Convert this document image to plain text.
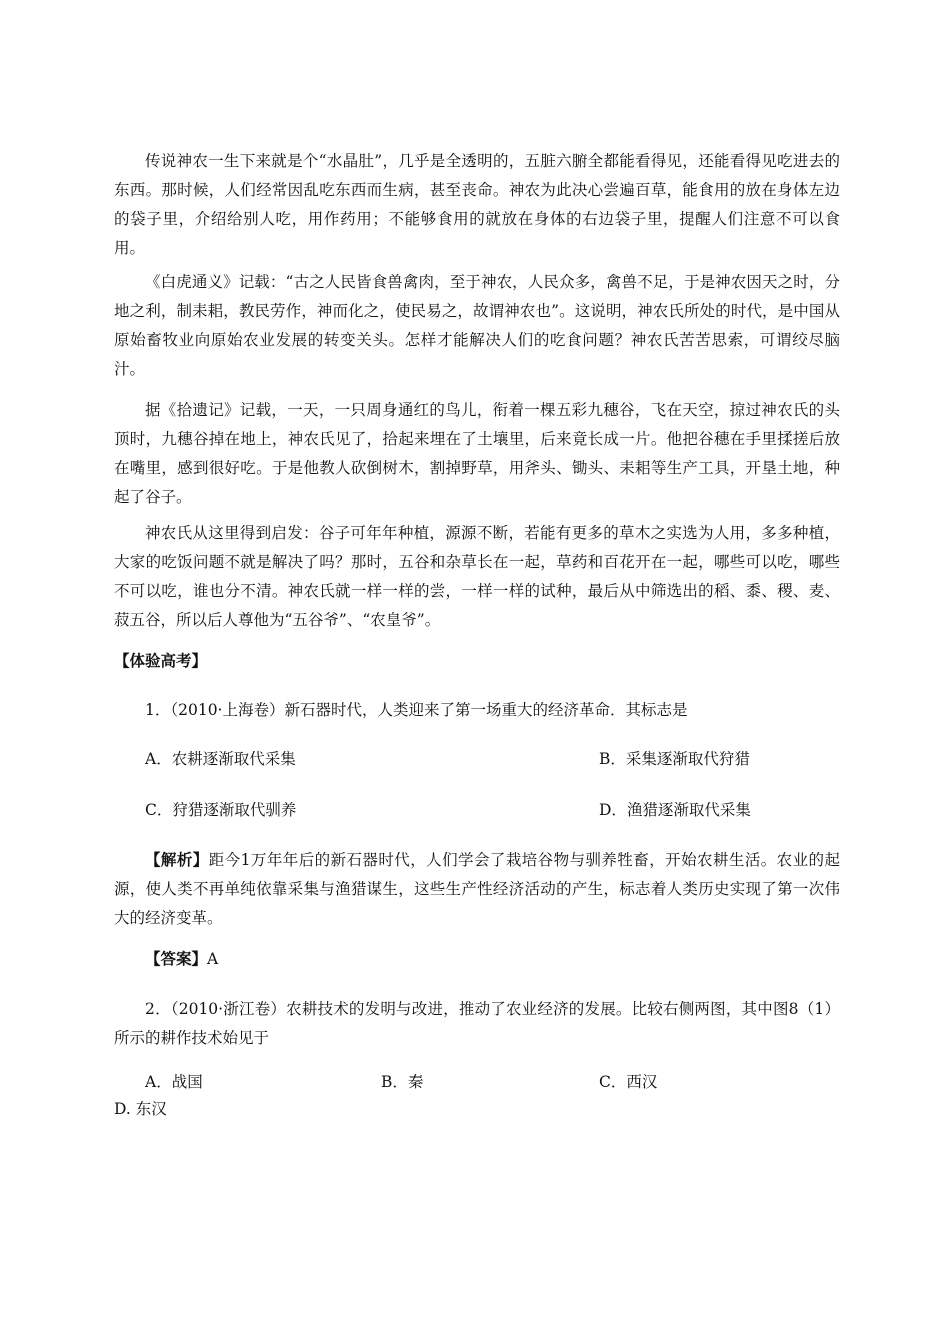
传说神农一生下来就是个“水晶肚”，几乎是全透明的，五脏六腑全都能看得见，还能看得见吃进去的东西。那时候，人们经常因乱吃东西而生病，甚至丧命。神农为此决心尝遍百草，能食用的放在身体左边的袋子里，介绍给别人吃，用作药用；不能够食用的就放在身体的右边袋子里，提醒人们注意不可以食用。

《白虎通义》记载：“古之人民皆食兽禽肉，至于神农，人民众多，禽兽不足，于是神农因天之时，分地之利，制耒耜，教民劳作，神而化之，使民易之，故谓神农也”。这说明，神农氏所处的时代，是中国从原始畜牧业向原始农业发展的转变关头。怎样才能解决人们的吃食问题？神农氏苦苦思索，可谓绞尽脑汁。

据《拾遗记》记载，一天，一只周身通红的鸟儿，衔着一棵五彩九穗谷，飞在天空，掠过神农氏的头顶时，九穗谷掉在地上，神农氏见了，拾起来埋在了土壤里，后来竟长成一片。他把谷穗在手里揉搓后放在嘴里，感到很好吃。于是他教人砍倒树木，割掉野草，用斧头、锄头、耒耜等生产工具，开垦土地，种起了谷子。

神农氏从这里得到启发：谷子可年年种植，源源不断，若能有更多的草木之实选为人用，多多种植，大家的吃饭问题不就是解决了吗？那时，五谷和杂草长在一起，草药和百花开在一起，哪些可以吃，哪些不可以吃，谁也分不清。神农氏就一样一样的尝，一样一样的试种，最后从中筛选出的稻、黍、稷、麦、菽五谷，所以后人尊他为“五谷爷”、“农皇爷”。

【体验高考】

1．（2010·上海卷）新石器时代，人类迎来了第一场重大的经济革命．其标志是

A．农耕逐渐取代采集	B．采集逐渐取代狩猎

C．狩猎逐渐取代驯养	D．渔猎逐渐取代采集

【解析】距今1万年年后的新石器时代，人们学会了栽培谷物与驯养牲畜，开始农耕生活。农业的起源，使人类不再单纯依靠采集与渔猎谋生，这些生产性经济活动的产生，标志着人类历史实现了第一次伟大的经济变革。

【答案】A

2．（2010·浙江卷）农耕技术的发明与改进，推动了农业经济的发展。比较右侧两图，其中图8（1）所示的耕作技术始见于

A．战国	B．秦	C．西汉

D. 东汉
